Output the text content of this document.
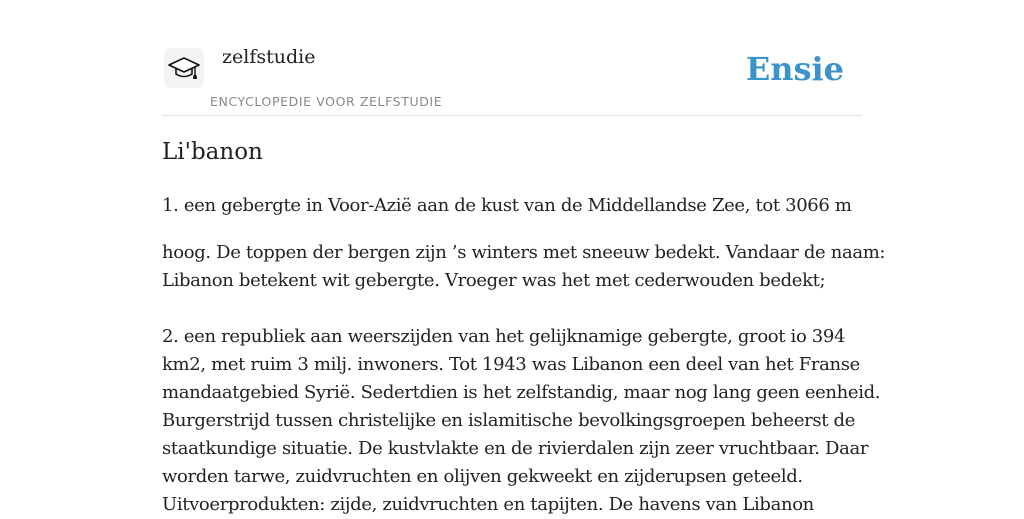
zelfstudie
ENCYCLOPEDIE VOOR ZELFSTUDIE
Ensie
Li'banon

1. een gebergte in Voor-Azië aan de kust van de Middellandse Zee, tot 3066 m

hoog. De toppen der bergen zijn ’s winters met sneeuw bedekt. Vandaar de naam:
Libanon betekent wit gebergte. Vroeger was het met cederwouden bedekt;

2. een republiek aan weerszijden van het gelijknamige gebergte, groot io 394
km2, met ruim 3 milj. inwoners. Tot 1943 was Libanon een deel van het Franse
mandaatgebied Syrië. Sedertdien is het zelfstandig, maar nog lang geen eenheid.
Burgerstrijd tussen christelijke en islamitische bevolkingsgroepen beheerst de
staatkundige situatie. De kustvlakte en de rivierdalen zijn zeer vruchtbaar. Daar
worden tarwe, zuidvruchten en olijven gekweekt en zijderupsen geteeld.
Uitvoerprodukten: zijde, zuidvruchten en tapijten. De havens van Libanon
